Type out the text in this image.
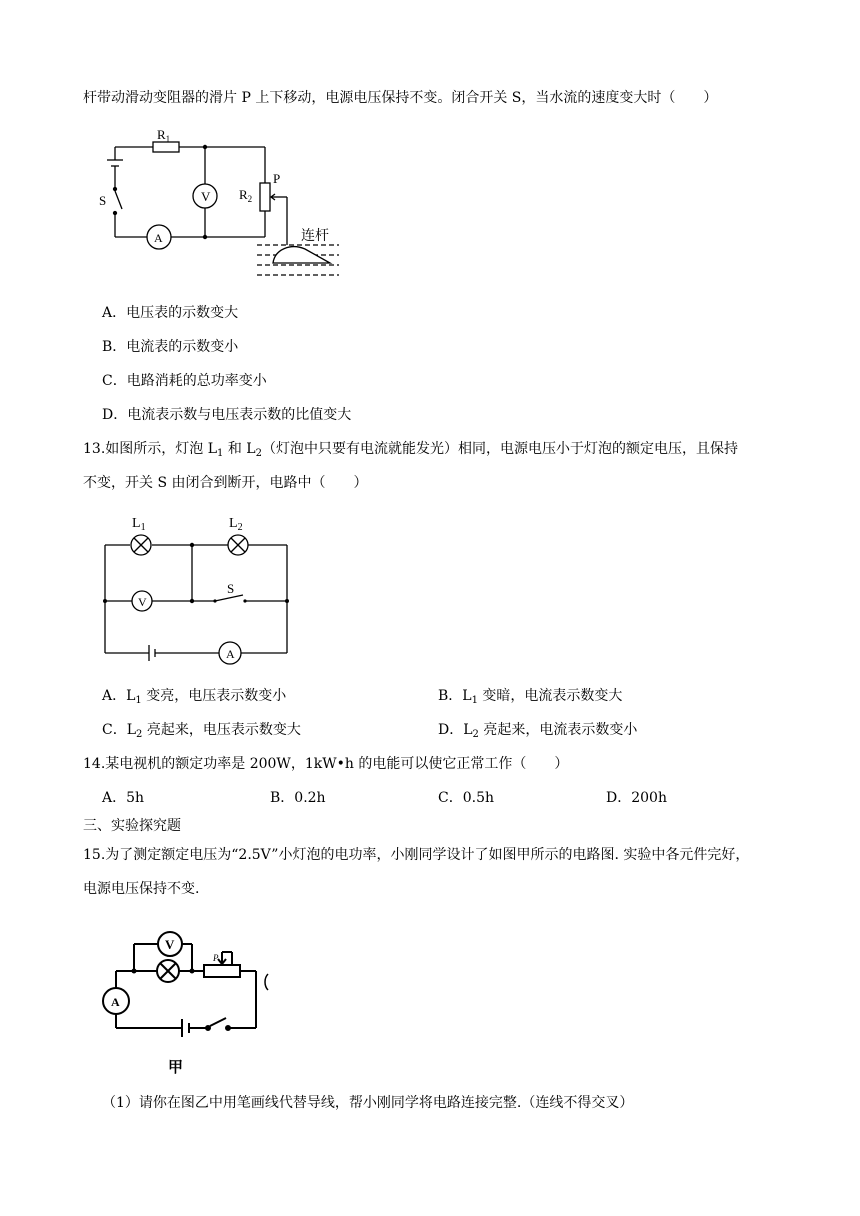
杆带动滑动变阻器的滑片 P 上下移动，电源电压保持不变。闭合开关 S，当水流的速度变大时（　　）
$R_1$
$R_2$
P
S	V
A	连杆
A．电压表的示数变大
B．电流表的示数变小
C．电路消耗的总功率变小
D．电流表示数与电压表示数的比值变大
13.如图所示，灯泡 $L_1$ 和 $L_2$（灯泡中只要有电流就能发光）相同，电源电压小于灯泡的额定电压，且保持
不变，开关 S 由闭合到断开，电路中（　　）
$L_1$	$L_2$
V
S
A
A．$L_1$ 变亮，电压表示数变小	B．$L_1$ 变暗，电流表示数变大
C．$L_2$ 亮起来，电压表示数变大	D．$L_2$ 亮起来，电流表示数变小
14.某电视机的额定功率是 200W，1kW•h 的电能可以使它正常工作（　　）
A．5h	B．0.2h	C．0.5h	D．200h
三、实验探究题
15.为了测定额定电压为“2.5V”小灯泡的电功率，小刚同学设计了如图甲所示的电路图. 实验中各元件完好，
电源电压保持不变.
V
A
P
甲
（1）请你在图乙中用笔画线代替导线，帮小刚同学将电路连接完整.（连线不得交叉）
